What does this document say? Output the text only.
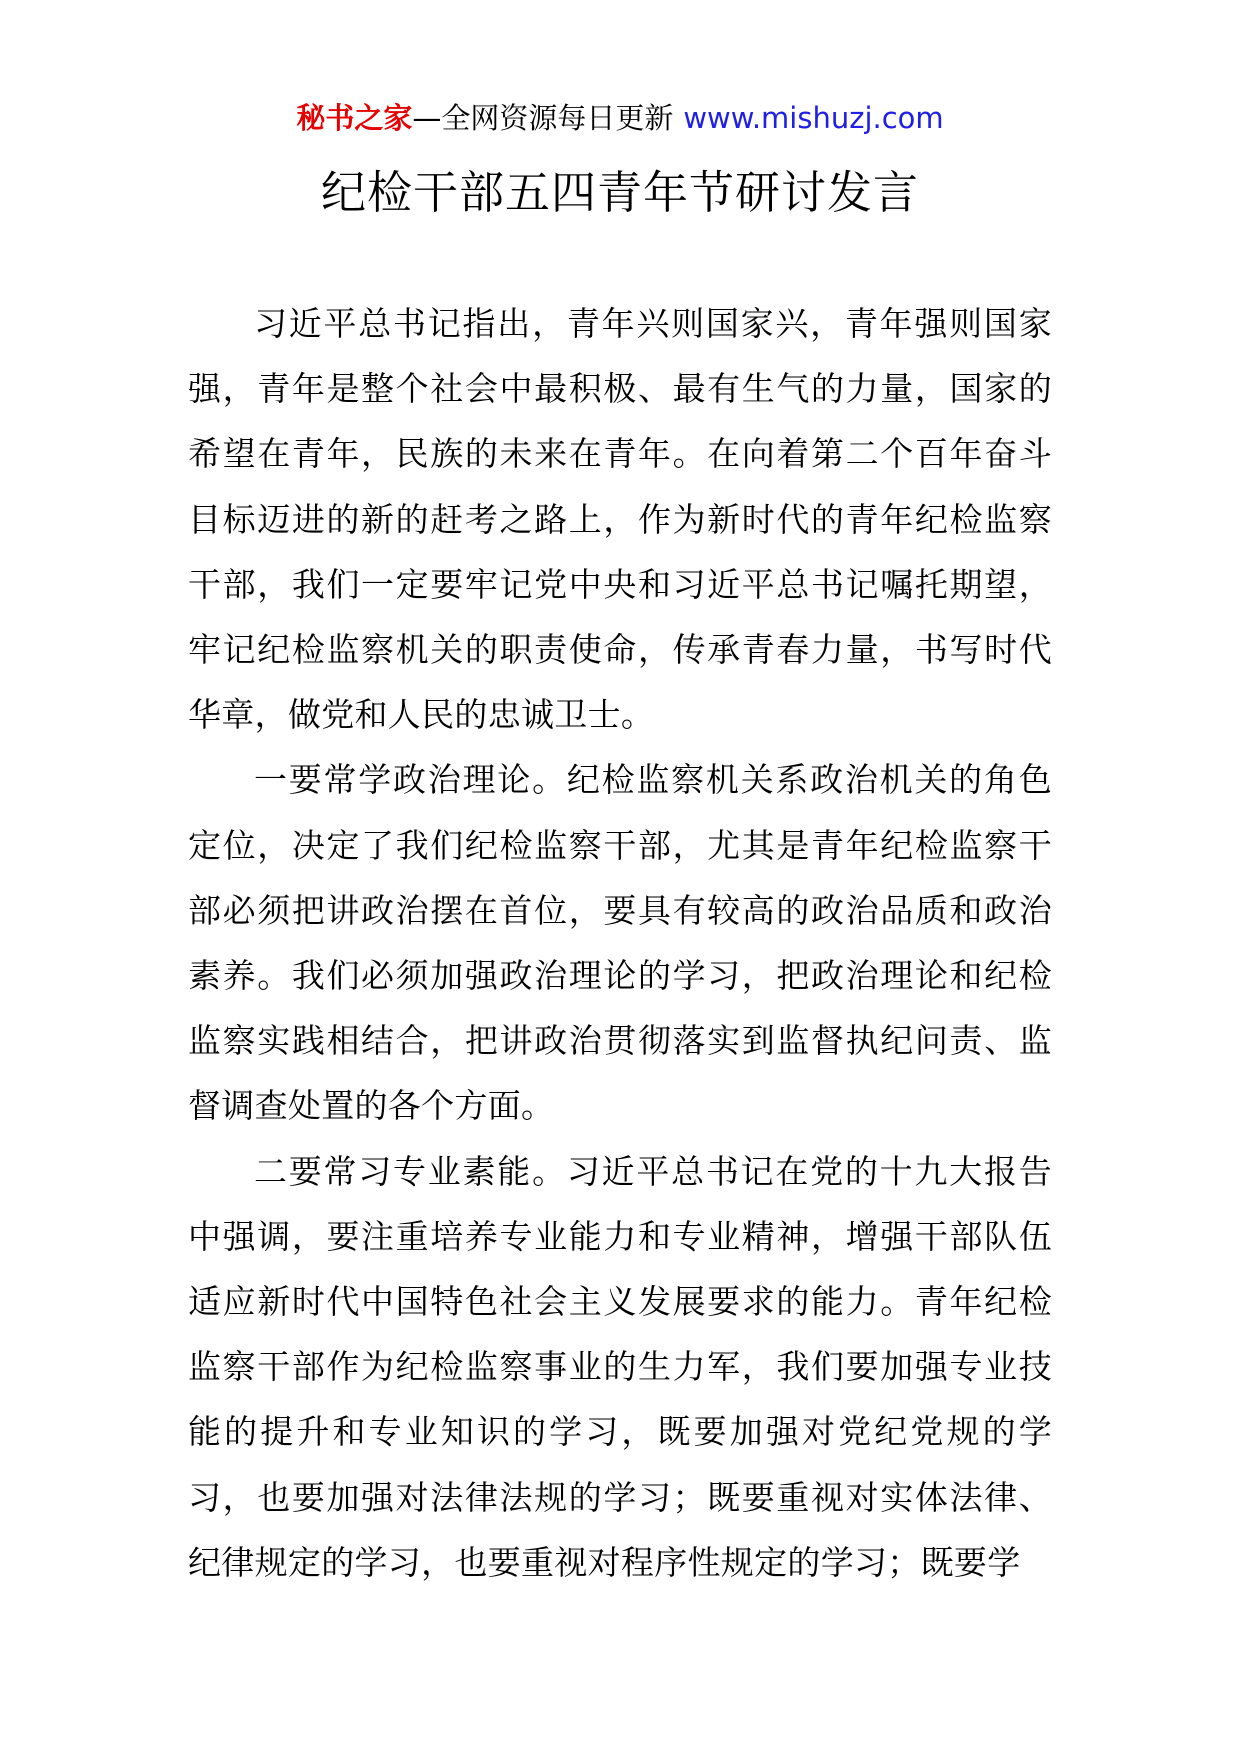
秘书之家—全网资源每日更新 www.mishuzj.com
纪检干部五四青年节研讨发言

习近平总书记指出，青年兴则国家兴，青年强则国家强，青年是整个社会中最积极、最有生气的力量，国家的希望在青年，民族的未来在青年。在向着第二个百年奋斗目标迈进的新的赶考之路上，作为新时代的青年纪检监察干部，我们一定要牢记党中央和习近平总书记嘱托期望，牢记纪检监察机关的职责使命，传承青春力量，书写时代华章，做党和人民的忠诚卫士。

一要常学政治理论。纪检监察机关系政治机关的角色定位，决定了我们纪检监察干部，尤其是青年纪检监察干部必须把讲政治摆在首位，要具有较高的政治品质和政治素养。我们必须加强政治理论的学习，把政治理论和纪检监察实践相结合，把讲政治贯彻落实到监督执纪问责、监督调查处置的各个方面。

二要常习专业素能。习近平总书记在党的十九大报告中强调，要注重培养专业能力和专业精神，增强干部队伍适应新时代中国特色社会主义发展要求的能力。青年纪检监察干部作为纪检监察事业的生力军，我们要加强专业技能的提升和专业知识的学习，既要加强对党纪党规的学习，也要加强对法律法规的学习；既要重视对实体法律、纪律规定的学习，也要重视对程序性规定的学习；既要学
